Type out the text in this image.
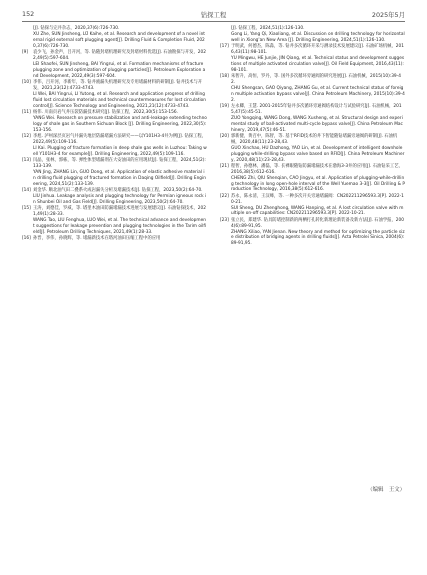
152	钻探工程	2025年5月
[J]. 钻探与完井杂志，2020,37(6):726-730.
XU Zhe, SUN Jinsheng, LÜ Kaihe, et al. Research and development of a novel internal rigid external soft plugging agent[J]. Drilling Fluid & Completion Fluid, 2020,37(6):726-730.
[9] 袁少飞，孙金声，吕开河，等. 钻随封堵机理研究及封堵材料优选[J]. 石油勘探与开发，2022,49(5):597-604.
LEI Shaofei, SUN Jinsheng, BAI Yingrui, et al. Formation mechanisms of fracture plugging zone and optimization of plugging particles[J]. Petroleum Exploration and Development, 2022,49(3):597-604.
[10] 李伟，吕开河，李新年，等. 钻井液漏失机理研究及专用堵漏材料的研制[J]. 钻井技术与开发，2021,23(12):4733-4743.
LI Wei, BAI Yingrui, LI Yutong, et al. Research and application progress of drilling fluid lost circulation materials and technical countermeasures for lost circulation control[J]. Science Technology and Engineering, 2021,21(12):4733-4743.
[11] 杨伟. 川南页岩气井压裂防漏技术研究[J]. 钻探工程，2022,30(5):153-156.
YANG Wei. Research on pressure stabilization and anti-leakage extending technology of shale gas in Southern Sichuan Block [J]. Drilling Engineering, 2022,30(5):153-156.
[12] 李旭. 泸州深层页岩气井漏失地层防漏堵漏方法研究——以Y101H3-4井为例[J]. 钻探工程，2022,49(5):109-116.
LI Kai. Plugging of fracture formation in deep shale gas wells in Luzhou: Taking well Y101H3-4 for example[J]. Drilling Engineering, 2022,49(5):109-116.
[13] 闫晶，张林，郭栋，等. 弹性体型堵漏剂在大安油田的应用现状[J]. 钻探工程，2024,51(2):133-139.
YAN Jing, ZHANG Lin, GUO Dong, et al. Application of elastic adhesive material in drilling fluid plugging of fractured formation in Daqing Oilfield[J]. Drilling Engineering, 2024,51(2):133-139.
[14] 刘金华. 顺北油气田二叠系火成岩漏失分析及堵漏技术[J]. 钻探工程，2023,50(2):64-70.
LIU Jinhua. Leakage analysis and plugging technology for Permian igneous rock in Shunbei Oil and Gas Field[J]. Drilling Engineering, 2023,50(2):64-70.
[15] 王涛，刘德佳，罗威，等. 塔里木油田防漏堵漏技术进展与发展建议[J]. 石油钻探技术，2021,49(1):28-33.
WANG Tao, LIU Fenghua, LUO Wei, et al. The technical advance and development suggestions for leakage prevention and plugging technologies in the Tarim oilfield[J]. Petroleum Drilling Techniques, 2021,49(1):28-33.
[16] 孙晋，李伟，孙晓辉，等. 堵漏新技术在塔河油田压缩工程中的应用
[J]. 钻探工程，2024,51(1):126-130.
Gong Li, Yang Qi, Xiaoliang, et al. Discussion on drilling technology for horizontal well in Xiong'an New Area [J]. Drilling Engineering, 2024,51(1):126-130.
[17] 于明武，何德杰，陈淼，等. 钻井多次循环开采与测录技术发展建议[J]. 石油矿场机械，2016,43(11):98-101.
YU Mingwu, HE Junjie, JIN Qiang, et al. Technical status and development suggestions of multiple activated circulation valve[J]. Oil Field Equipment, 2016,43(11):98-101.
[18] 朱智升，高恒，罗丹，等. 国外多次循环旁通阀的研究进展[J]. 石油机械，2015(10):39-42.
CHU Shengsan, GAO Qiyang, ZHANG Gu, et al. Current technical status of foreign multiple activation bypass valve[J]. China Petroleum Machinery, 2015(10):39-42.
[19] 左永卿，王慧. 2001-2015年钻井多次循环旁通阀结构设计与试验研究[J]. 石油机械，2015,47(5):45-51.
ZUO Yongqing, WANG Dong, WANG Xusheng, et al. Structural design and experimental study of ball-activated multi-cycle bypass valve[J]. China Petroleum Machinery, 2019,47(5):46-51.
[20] 郭新健，黄召中，陈智，等. 基于RFID技术的井下智能随钻堵漏旁通阀的研制[J]. 石油机械，2020,48(11):23-28,43.
GUO Xinchao, HU Dazhong, YAO Lin, et al. Development of intelligent downhole plugging while-drilling bypass valve based on RFID[J]. China Petroleum Machinery, 2020,48(11):23-28,43.
[21] 程智，孙德林，潘磊，等. 长裸眼随钻防漏堵漏技术在渤海3-3井的应用[J]. 石油钻采工艺，2016,38(5):612-616.
CHENG Zhi, QIU Shenqian, CAO Jingyu, et al. Application of plugging-while-drilling technology in long open-hole interval of the Well Yuemao 3-3[J]. Oil Drilling & Production Technology, 2016,38(5):612-616.
[22] 苏永，陈永清，王汉峰，等. 一种多次开关旁通堵漏阀：CN202211296593.3[P]. 2022-10-21.
SUI Sheng, DU Zhenghong, WANG Hanping, et al. A lost circulation valve with multiple on-off capabilities: CN202211296593.3[P]. 2022-10-21.
[23] 张立民，郑建华. 钻具防堵控制新的两栖打孔转化新理论新装备及新方法[J]. 石油学报，2004(6):89-91,95.
ZHANG Xiliao, YAN Jienan. New theory and method for optimizing the particle size distribution of bridging agents in drilling fluids[J]. Acta Petrolei Sinica, 2004(6):89-91,95.
（编辑　王文）
